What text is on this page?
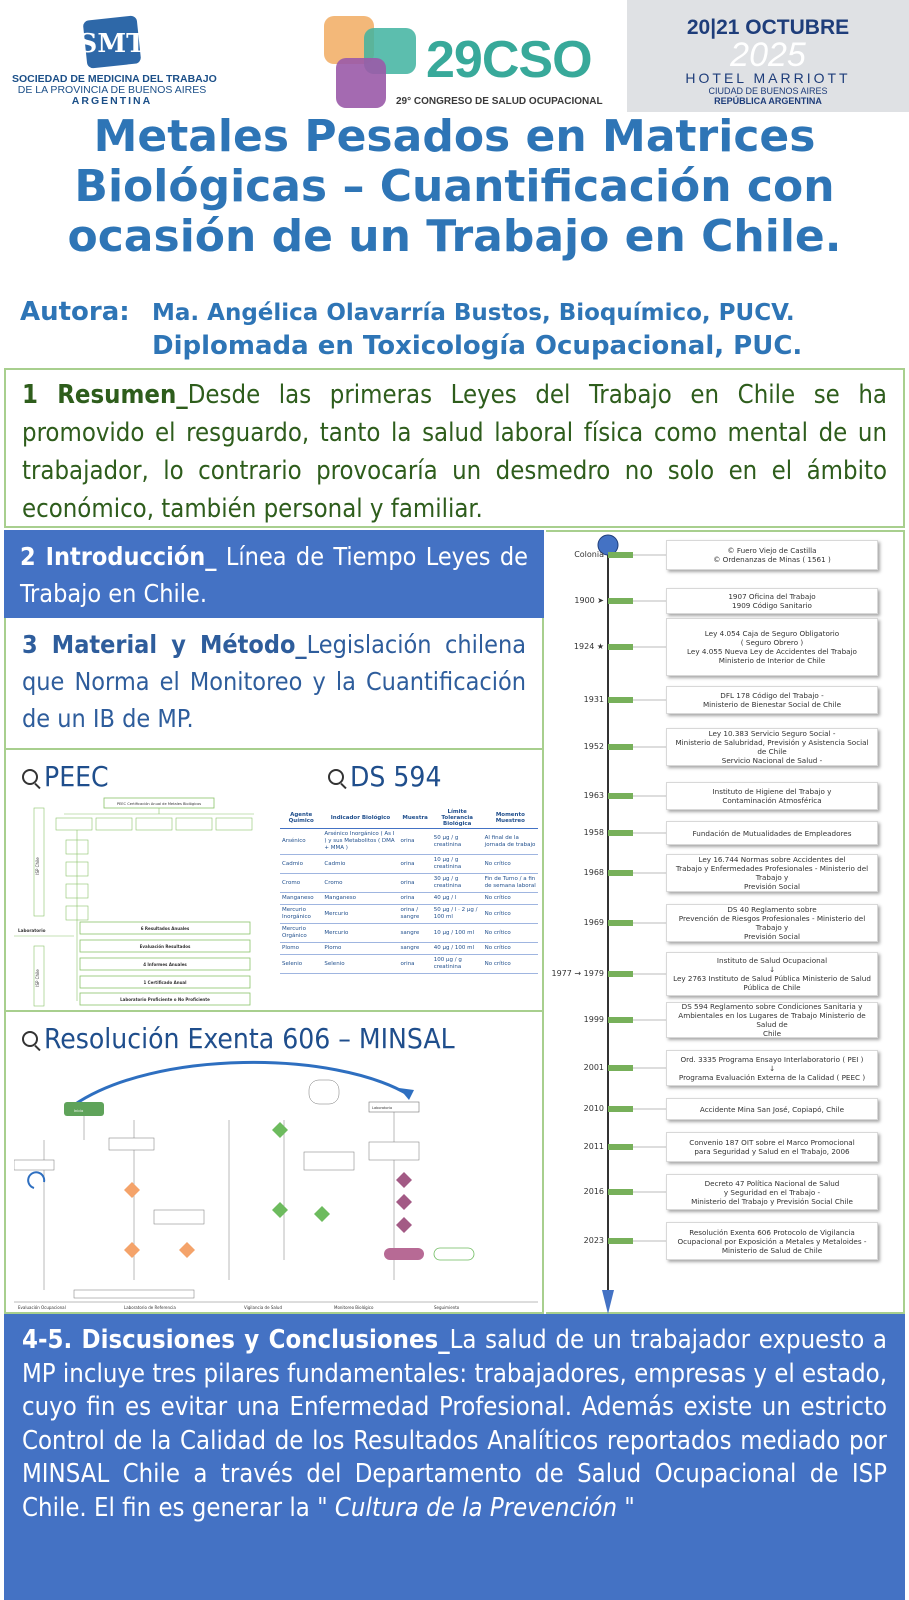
SMT
SOCIEDAD DE MEDICINA DEL TRABAJO
DE LA PROVINCIA DE BUENOS AIRES
ARGENTINA
29CSO
29° CONGRESO DE SALUD OCUPACIONAL
20|21 OCTUBRE
2025
HOTEL MARRIOTT
CIUDAD DE BUENOS AIRES
REPÚBLICA ARGENTINA
Metales Pesados en Matrices
Biológicas – Cuantificación con
ocasión de un Trabajo en Chile.
Autora: Ma. Angélica Olavarría Bustos, Bioquímico, PUCV.
Diplomada en Toxicología Ocupacional, PUC.

1 Resumen_Desde las primeras Leyes del Trabajo en Chile se ha promovido el resguardo, tanto la salud laboral física como mental de un trabajador, lo contrario provocaría un desmedro no solo en el ámbito económico, también personal y familiar.

2 Introducción_ Línea de Tiempo Leyes de Trabajo en Chile.

3 Material y Método_Legislación chilena que Norma el Monitoreo y la Cuantificación de un IB de MP.

PEEC	DS 594
PEEC Certificación Anual de Metales Biológicos
ISP Chile
Laboratorio
ISP Chile
6 Resultados Anuales
Evaluación Resultados
4 Informes Anuales
1 Certificado Anual
Laboratorio Proficiente o No Proficiente
Agente Químico	Indicador Biológico	Muestra	Límite Tolerancia Biológica	Momento Muestreo
Arsénico	Arsénico Inorgánico ( As I ) y sus Metabolitos ( DMA + MMA )	orina	50 µg / g creatinina	Al final de la jornada de trabajo
Cadmio	Cadmio	orina	10 µg / g creatinina	No crítico
Cromo	Cromo	orina	30 µg / g creatinina	Fin de Turno / a fin de semana laboral
Manganeso	Manganeso	orina	40 µg / l	No crítico
Mercurio Inorgánico	Mercurio	orina / sangre	50 µg / l · 2 µg / 100 ml	No crítico
Mercurio Orgánico	Mercurio	sangre	10 µg / 100 ml	No crítico
Plomo	Plomo	sangre	40 µg / 100 ml	No crítico
Selenio	Selenio	orina	100 µg / g creatinina	No crítico
Resolución Exenta 606 – MINSAL
Evaluación Ocupacional	Laboratorio de Referencia	Vigilancia de Salud	Monitoreo Biológico	Seguimiento
Inicio
Laboratorio
Colonia	© Fuero Viejo de Castilla
© Ordenanzas de Minas ( 1561 )
1900 ➤	1907 Oficina del Trabajo
1909 Código Sanitario
1924 ★
Ley 4.054 Caja de Seguro Obligatorio
( Seguro Obrero )
Ley 4.055 Nueva Ley de Accidentes del Trabajo
Ministerio de Interior de Chile
1931	DFL 178 Código del Trabajo -
Ministerio de Bienestar Social de Chile
1952
Ley 10.383 Servicio Seguro Social -
Ministerio de Salubridad, Previsión y Asistencia Social de Chile
Servicio Nacional de Salud -
1963	Instituto de Higiene del Trabajo y
Contaminación Atmosférica
1958	Fundación de Mutualidades de Empleadores
1968
Ley 16.744 Normas sobre Accidentes del
Trabajo y Enfermedades Profesionales - Ministerio del Trabajo y
Previsión Social
1969
DS 40 Reglamento sobre
Prevención de Riesgos Profesionales - Ministerio del Trabajo y
Previsión Social
1977 → 1979
Instituto de Salud Ocupacional
↓
Ley 2763 Instituto de Salud Pública Ministerio de Salud
Pública de Chile
1999
DS 594 Reglamento sobre Condiciones Sanitaria y
Ambientales en los Lugares de Trabajo Ministerio de Salud de
Chile
2001
Ord. 3335 Programa Ensayo Interlaboratorio ( PEI )
↓
Programa Evaluación Externa de la Calidad ( PEEC )
2010	Accidente Mina San José, Copiapó, Chile
2011	Convenio 187 OIT sobre el Marco Promocional
para Seguridad y Salud en el Trabajo, 2006
2016
Decreto 47 Política Nacional de Salud
y Seguridad en el Trabajo -
Ministerio del Trabajo y Previsión Social Chile
2023
Resolución Exenta 606 Protocolo de Vigilancia
Ocupacional por Exposición a Metales y Metaloides -
Ministerio de Salud de Chile

4-5. Discusiones y Conclusiones_La salud de un trabajador expuesto a MP incluye tres pilares fundamentales: trabajadores, empresas y el estado, cuyo fin es evitar una Enfermedad Profesional. Además existe un estricto Control de la Calidad de los Resultados Analíticos reportados mediado por MINSAL Chile a través del Departamento de Salud Ocupacional de ISP Chile. El fin es generar la " Cultura de la Prevención "
